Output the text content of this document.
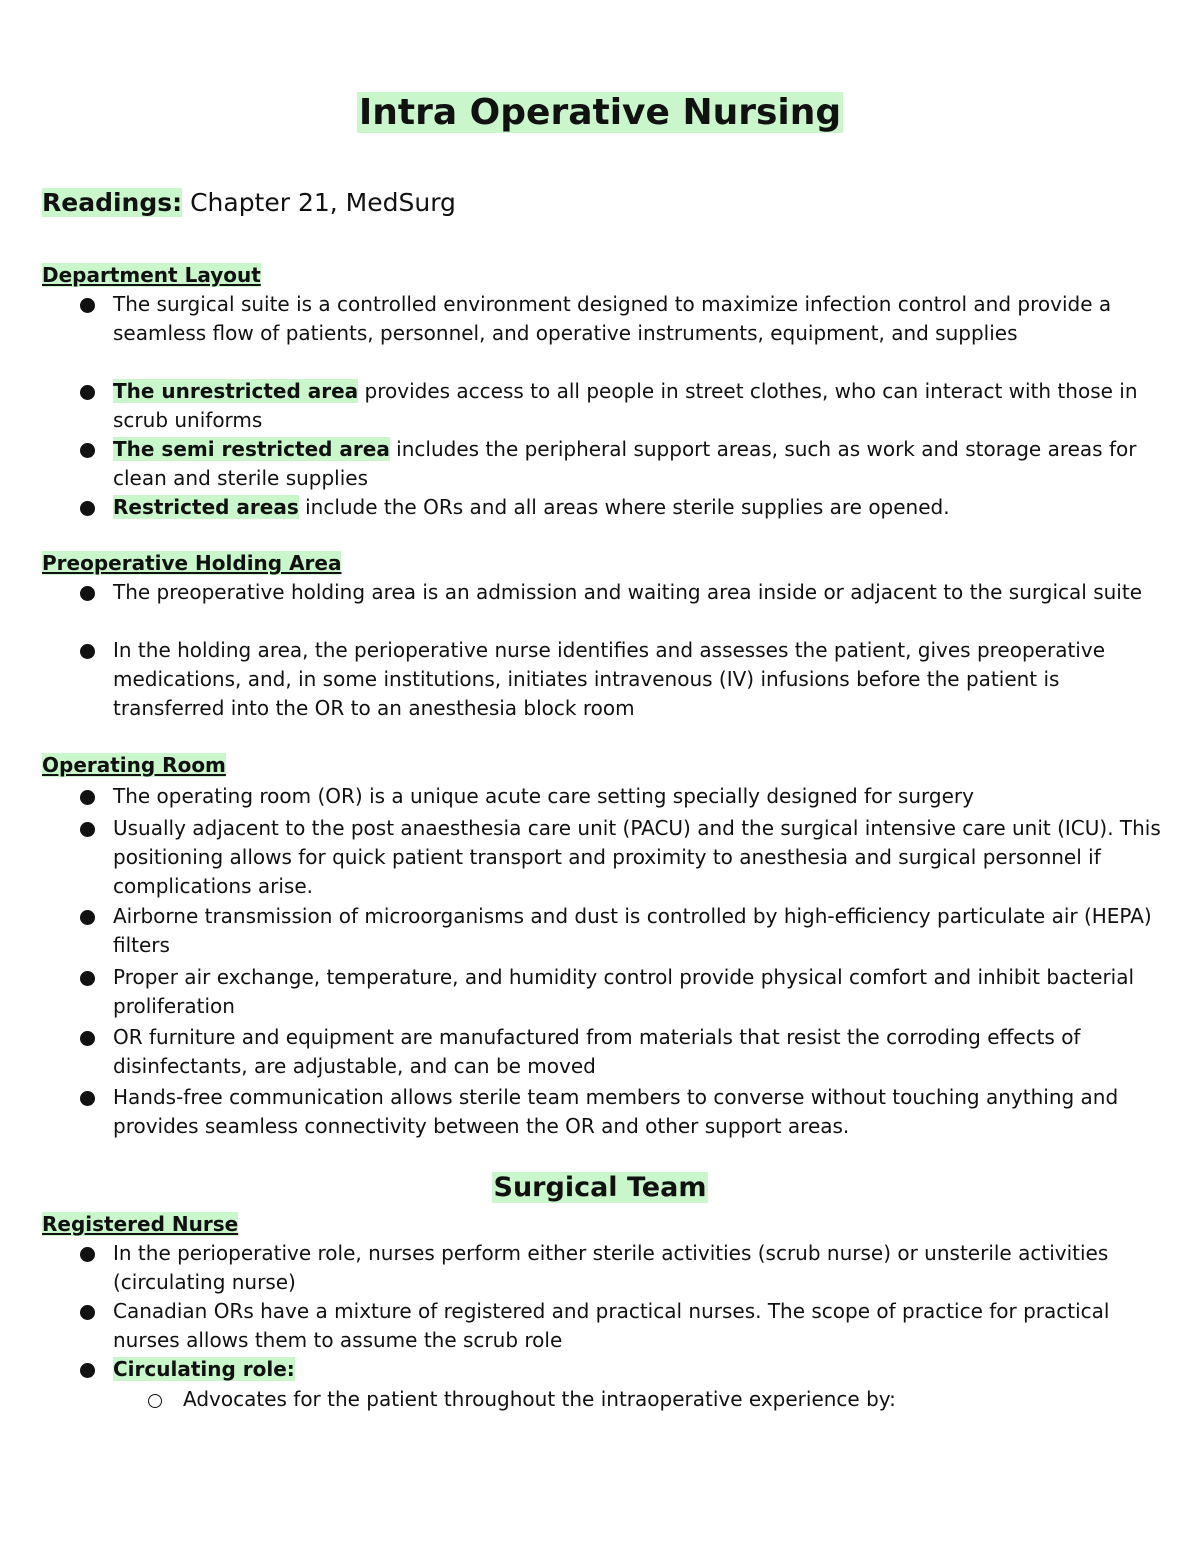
Intra Operative Nursing
Readings: Chapter 21, MedSurg
Department Layout
The surgical suite is a controlled environment designed to maximize infection control and provide a seamless flow of patients, personnel, and operative instruments, equipment, and supplies
The unrestricted area provides access to all people in street clothes, who can interact with those in scrub uniforms
The semi restricted area includes the peripheral support areas, such as work and storage areas for clean and sterile supplies
Restricted areas include the ORs and all areas where sterile supplies are opened.
Preoperative Holding Area
The preoperative holding area is an admission and waiting area inside or adjacent to the surgical suite
In the holding area, the perioperative nurse identifies and assesses the patient, gives preoperative medications, and, in some institutions, initiates intravenous (IV) infusions before the patient is transferred into the OR to an anesthesia block room
Operating Room
The operating room (OR) is a unique acute care setting specially designed for surgery
Usually adjacent to the post anaesthesia care unit (PACU) and the surgical intensive care unit (ICU). This positioning allows for quick patient transport and proximity to anesthesia and surgical personnel if complications arise.
Airborne transmission of microorganisms and dust is controlled by high-efficiency particulate air (HEPA) filters
Proper air exchange, temperature, and humidity control provide physical comfort and inhibit bacterial proliferation
OR furniture and equipment are manufactured from materials that resist the corroding effects of disinfectants, are adjustable, and can be moved
Hands-free communication allows sterile team members to converse without touching anything and provides seamless connectivity between the OR and other support areas.
Surgical Team
Registered Nurse
In the perioperative role, nurses perform either sterile activities (scrub nurse) or unsterile activities (circulating nurse)
Canadian ORs have a mixture of registered and practical nurses. The scope of practice for practical nurses allows them to assume the scrub role
Circulating role:
Advocates for the patient throughout the intraoperative experience by:
